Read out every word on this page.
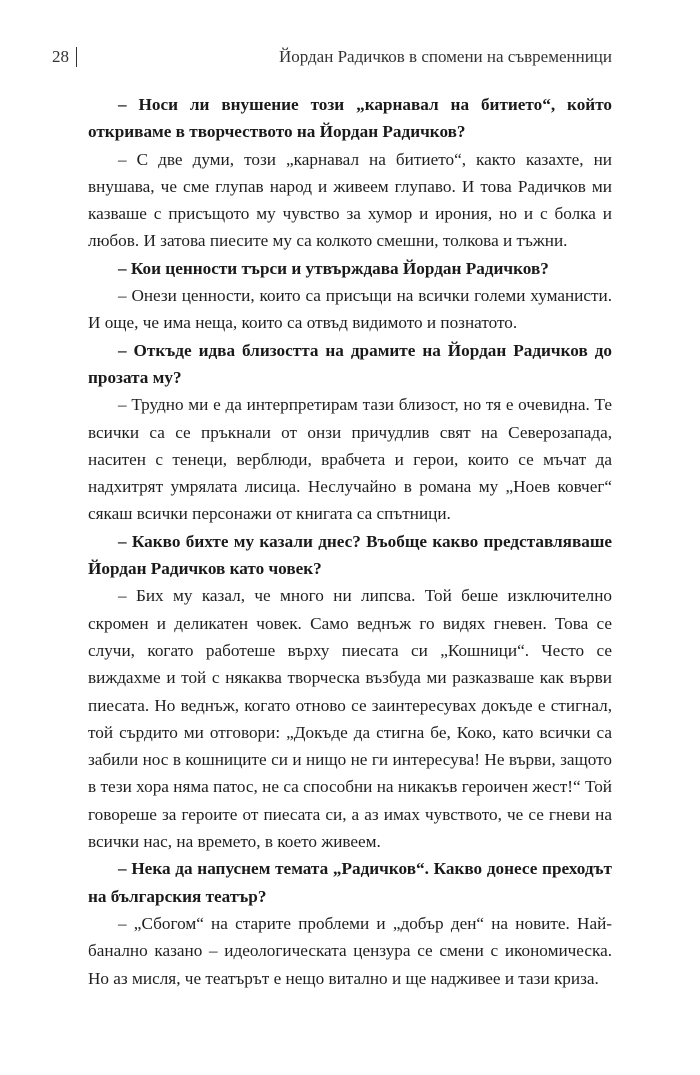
28	Йордан Радичков в спомени на съвременници

– Носи ли внушение този „карнавал на битието“, който откриваме в творчеството на Йордан Радичков?

– С две думи, този „карнавал на битието“, както казахте, ни внушава, че сме глупав народ и живеем глупаво. И това Радичков ми казваше с присъщото му чувство за хумор и ирония, но и с болка и любов. И затова пиесите му са колкото смешни, толкова и тъжни.

– Кои ценности търси и утвърждава Йордан Радичков?

– Онези ценности, които са присъщи на всички големи хуманисти. И още, че има неща, които са отвъд видимото и познатото.

– Откъде идва близостта на драмите на Йордан Радичков до прозата му?

– Трудно ми е да интерпретирам тази близост, но тя е очевидна. Те всички са се пръкнали от онзи причудлив свят на Северозапада, наситен с тенеци, верблюди, врабчета и герои, които се мъчат да надхитрят умрялата лисица. Неслучайно в романа му „Ноев ковчег“ сякаш всички персонажи от книгата са спътници.

– Какво бихте му казали днес? Въобще какво представляваше Йордан Радичков като човек?

– Бих му казал, че много ни липсва. Той беше изключително скромен и деликатен човек. Само веднъж го видях гневен. Това се случи, когато работеше върху пиесата си „Кошници“. Често се виждахме и той с някаква творческа възбуда ми разказваше как върви пиесата. Но веднъж, когато отново се заинтересувах докъде е стигнал, той сърдито ми отговори: „Докъде да стигна бе, Коко, като всички са забили нос в кошниците си и нищо не ги интересува! Не върви, защото в тези хора няма патос, не са способни на никакъв героичен жест!“ Той говореше за героите от пиесата си, а аз имах чувството, че се гневи на всички нас, на времето, в което живеем.

– Нека да напуснем темата „Радичков“. Какво донесе преходът на българския театър?

– „Сбогом“ на старите проблеми и „добър ден“ на новите. Най-банално казано – идеологическата цензура се смени с икономическа. Но аз мисля, че театърът е нещо витално и ще надживее и тази криза.
